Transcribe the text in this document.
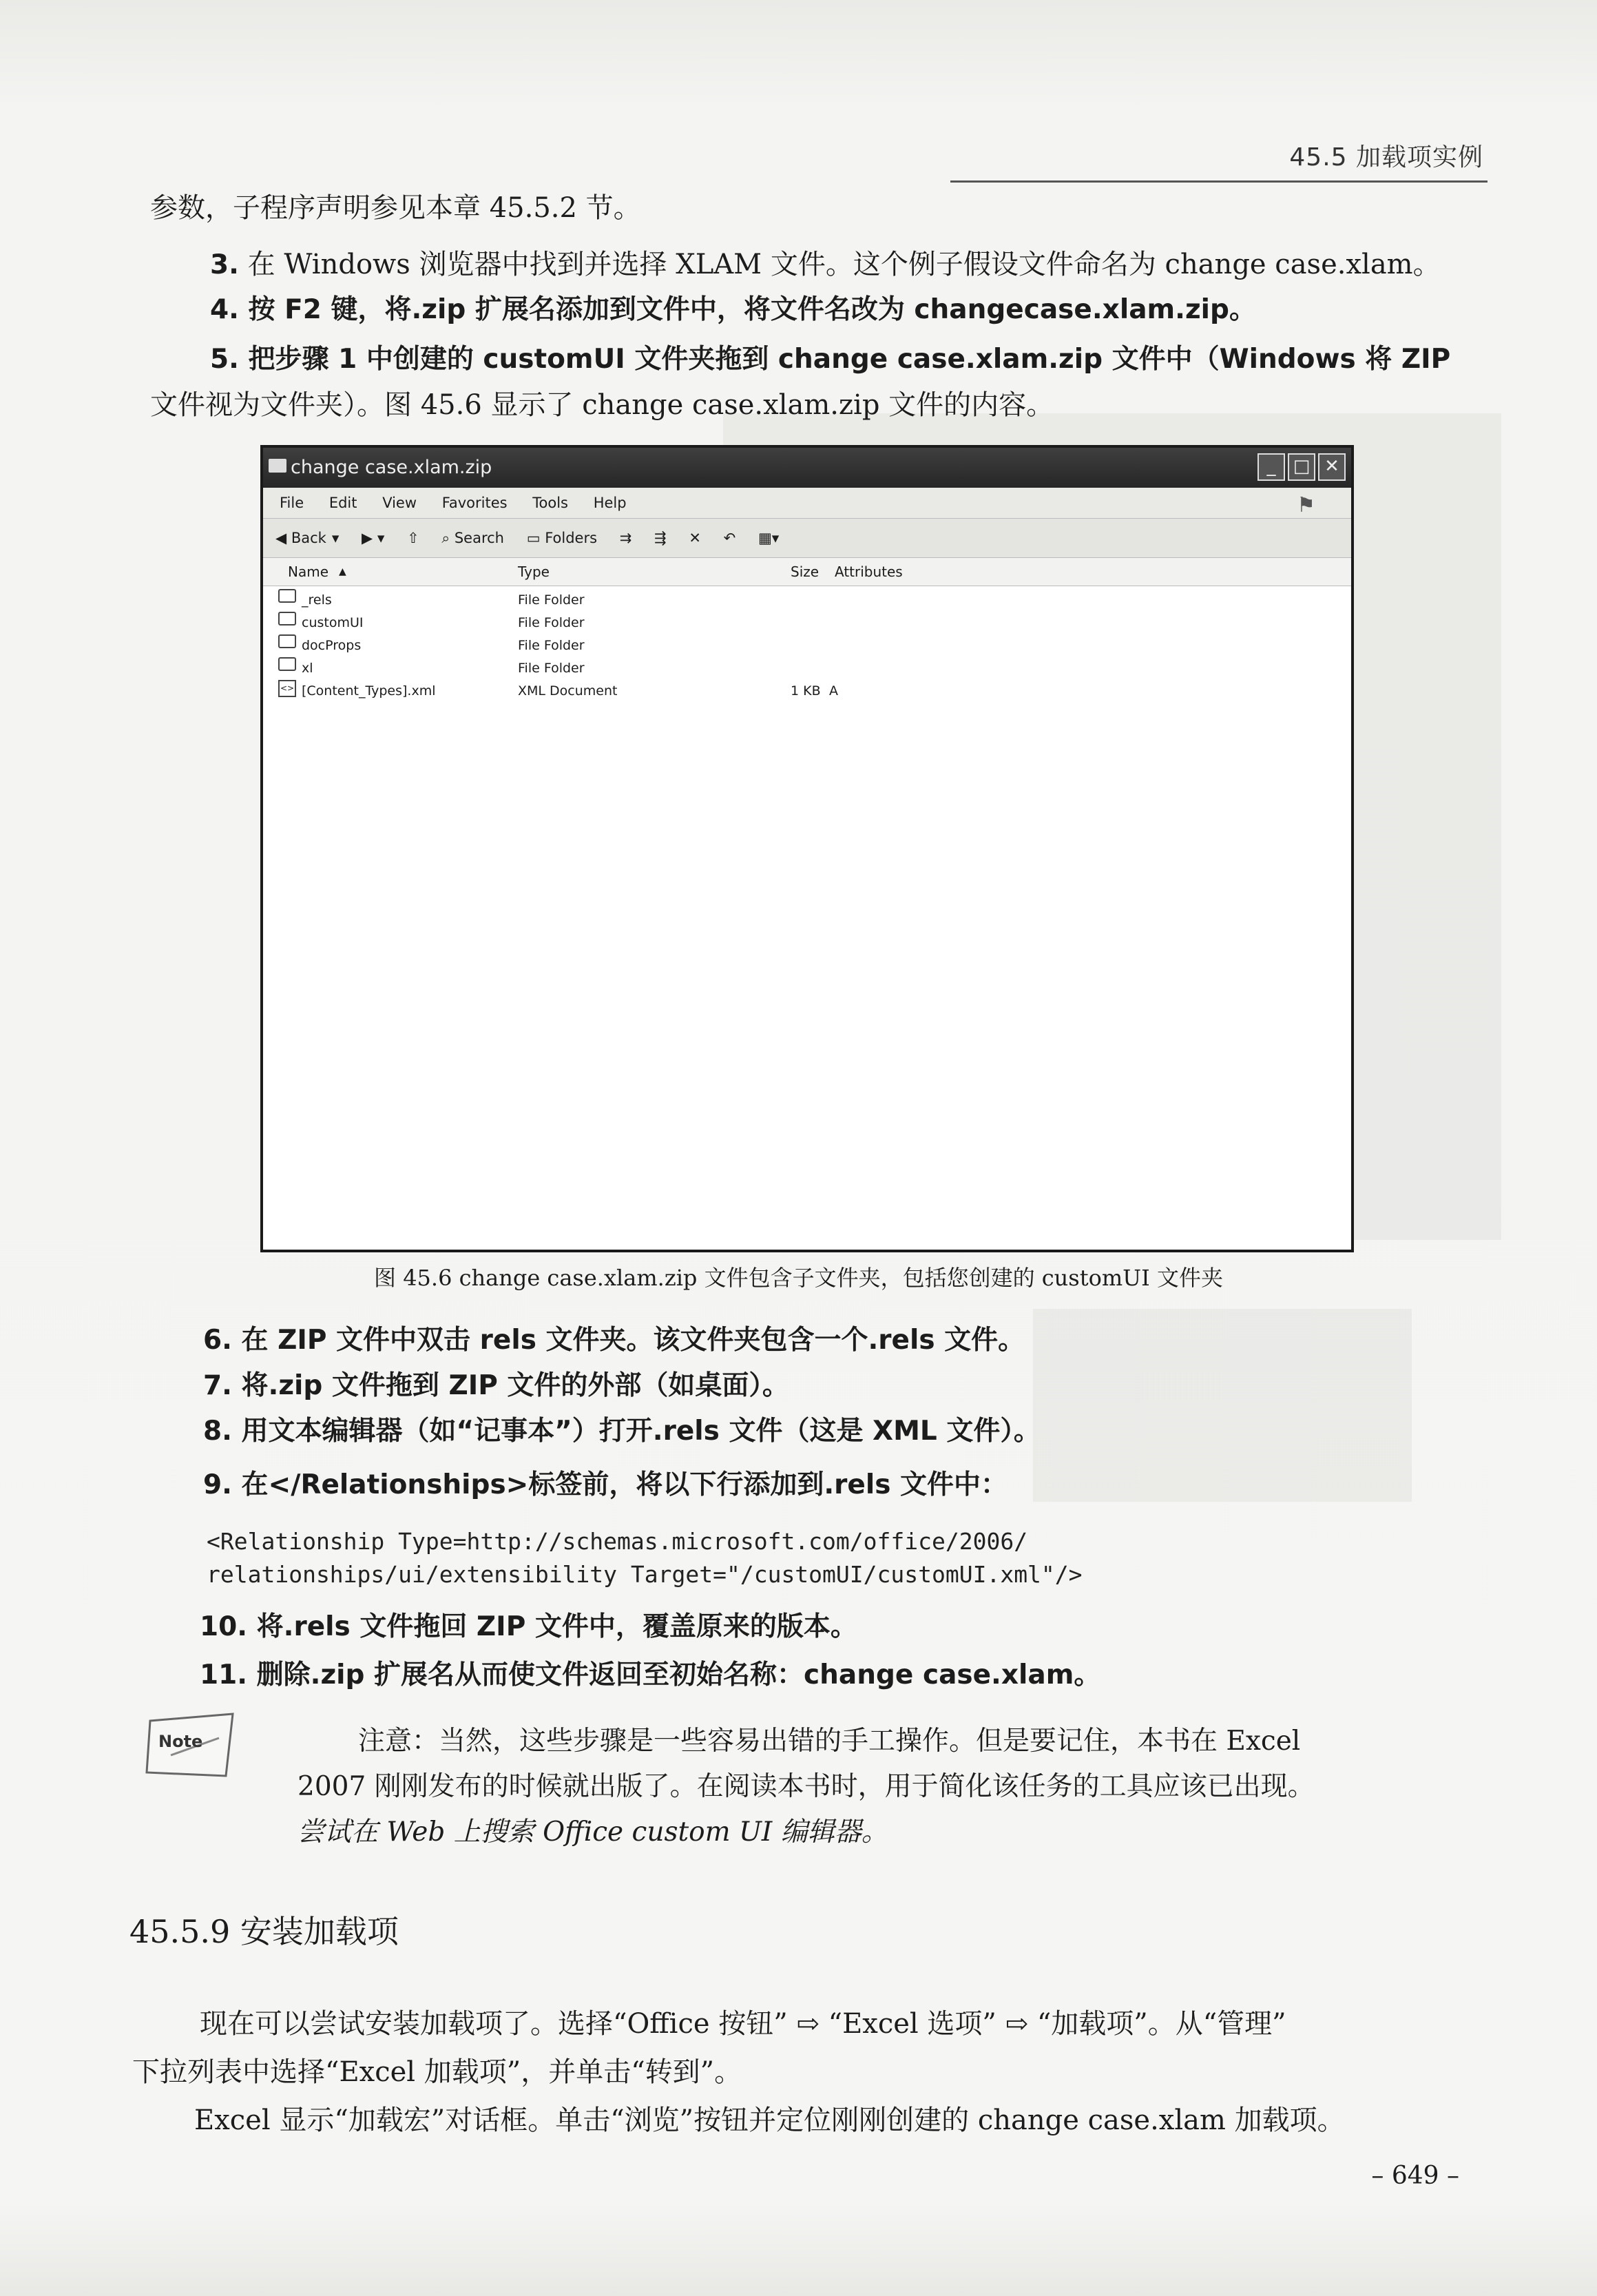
45.5 加载项实例
参数，子程序声明参见本章 45.5.2 节。
3. 在 Windows 浏览器中找到并选择 XLAM 文件。这个例子假设文件命名为 change case.xlam。
4. 按 F2 键，将.zip 扩展名添加到文件中，将文件名改为 changecase.xlam.zip。
5. 把步骤 1 中创建的 customUI 文件夹拖到 change case.xlam.zip 文件中（Windows 将 ZIP
文件视为文件夹）。图 45.6 显示了 change case.xlam.zip 文件的内容。
change case.xlam.zip	_ □ ✕
File Edit View Favorites Tools Help	⚑
◀ Back ▾ ▶ ▾ ⇧ ⌕ Search ▭ Folders ⇉ ⇶ ✕ ↶ ▦▾
Name ▲	Type	Size Attributes
_rels	File Folder
customUI	File Folder
docProps	File Folder
xl	File Folder
<> [Content_Types].xml	XML Document	1 KB A
图 45.6 change case.xlam.zip 文件包含子文件夹，包括您创建的 customUI 文件夹
6. 在 ZIP 文件中双击 rels 文件夹。该文件夹包含一个.rels 文件。
7. 将.zip 文件拖到 ZIP 文件的外部（如桌面）。
8. 用文本编辑器（如“记事本”）打开.rels 文件（这是 XML 文件）。
9. 在</Relationships>标签前，将以下行添加到.rels 文件中：
<Relationship Type=http://schemas.microsoft.com/office/2006/
relationships/ui/extensibility Target="/customUI/customUI.xml"/>
10. 将.rels 文件拖回 ZIP 文件中，覆盖原来的版本。
11. 删除.zip 扩展名从而使文件返回至初始名称：change case.xlam。
Note	注意：当然，这些步骤是一些容易出错的手工操作。但是要记住，本书在 Excel
2007 刚刚发布的时候就出版了。在阅读本书时，用于简化该任务的工具应该已出现。
尝试在 Web 上搜索 Office custom UI 编辑器。
45.5.9 安装加载项
现在可以尝试安装加载项了。选择“Office 按钮” ⇨ “Excel 选项” ⇨ “加载项”。从“管理”
下拉列表中选择“Excel 加载项”，并单击“转到”。
Excel 显示“加载宏”对话框。单击“浏览”按钮并定位刚刚创建的 change case.xlam 加载项。
– 649 –
